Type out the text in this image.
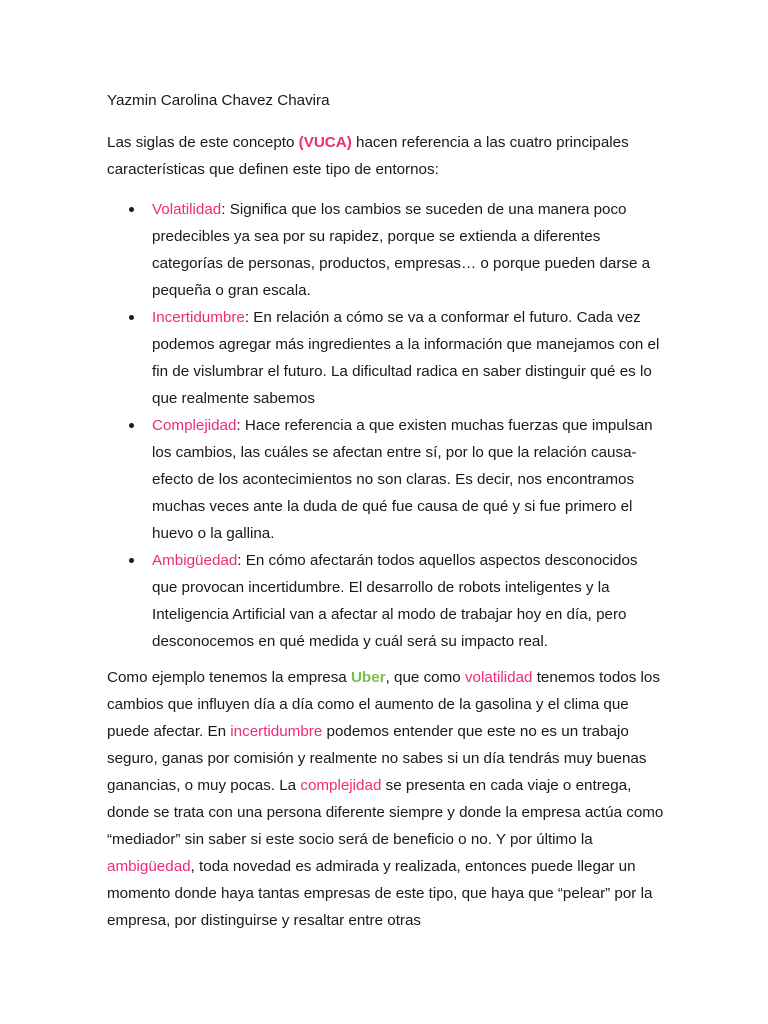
Yazmin Carolina Chavez Chavira

Las siglas de este concepto (VUCA) hacen referencia a las cuatro principales características que definen este tipo de entornos:

Volatilidad: Significa que los cambios se suceden de una manera poco predecibles ya sea por su rapidez, porque se extienda a diferentes categorías de personas, productos, empresas… o porque pueden darse a pequeña o gran escala.
Incertidumbre: En relación a cómo se va a conformar el futuro. Cada vez podemos agregar más ingredientes a la información que manejamos con el fin de vislumbrar el futuro. La dificultad radica en saber distinguir qué es lo que realmente sabemos
Complejidad: Hace referencia a que existen muchas fuerzas que impulsan los cambios, las cuáles se afectan entre sí, por lo que la relación causa-efecto de los acontecimientos no son claras. Es decir, nos encontramos muchas veces ante la duda de qué fue causa de qué y si fue primero el huevo o la gallina.
Ambigüedad: En cómo afectarán todos aquellos aspectos desconocidos que provocan incertidumbre. El desarrollo de robots inteligentes y la Inteligencia Artificial van a afectar al modo de trabajar hoy en día, pero desconocemos en qué medida y cuál será su impacto real.

Como ejemplo tenemos la empresa Uber, que como volatilidad tenemos todos los cambios que influyen día a día como el aumento de la gasolina y el clima que puede afectar. En incertidumbre podemos entender que este no es un trabajo seguro, ganas por comisión y realmente no sabes si un día tendrás muy buenas ganancias, o muy pocas. La complejidad se presenta en cada viaje o entrega, donde se trata con una persona diferente siempre y donde la empresa actúa como “mediador” sin saber si este socio será de beneficio o no. Y por último la ambigüedad, toda novedad es admirada y realizada, entonces puede llegar un momento donde haya tantas empresas de este tipo, que haya que “pelear” por la empresa, por distinguirse y resaltar entre otras
